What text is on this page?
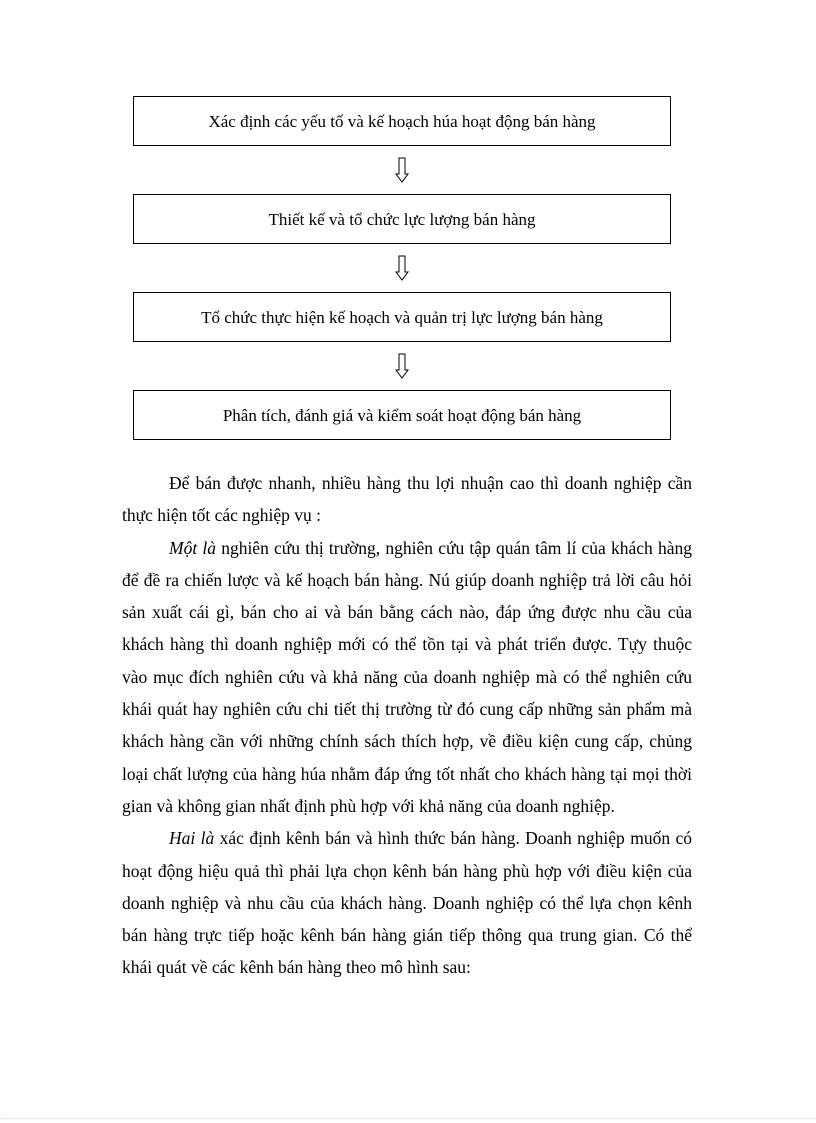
Xác định các yếu tố và kế hoạch húa hoạt động bán hàng
Thiết kế và tổ chức lực lượng bán hàng
Tổ chức thực hiện kế hoạch và quản trị lực lượng bán hàng
Phân tích, đánh giá và kiểm soát hoạt động bán hàng

Để bán được nhanh, nhiều hàng thu lợi nhuận cao thì doanh nghiệp cần thực hiện tốt các nghiệp vụ :

Một là nghiên cứu thị trường, nghiên cứu tập quán tâm lí của khách hàng để đề ra chiến lược và kế hoạch bán hàng. Nú giúp doanh nghiệp trả lời câu hỏi sản xuất cái gì, bán cho ai và bán bằng cách nào, đáp ứng được nhu cầu của khách hàng thì doanh nghiệp mới có thể tồn tại và phát triển được. Tựy thuộc vào mục đích nghiên cứu và khả năng của doanh nghiệp mà có thể nghiên cứu khái quát hay nghiên cứu chi tiết thị trường từ đó cung cấp những sản phẩm mà khách hàng cần với những chính sách thích hợp, về điều kiện cung cấp, chủng loại chất lượng của hàng húa nhằm đáp ứng tốt nhất cho khách hàng tại mọi thời gian và không gian nhất định phù hợp với khả năng của doanh nghiệp.

Hai là xác định kênh bán và hình thức bán hàng. Doanh nghiệp muốn có hoạt động hiệu quả thì phải lựa chọn kênh bán hàng phù hợp với điều kiện của doanh nghiệp và nhu cầu của khách hàng. Doanh nghiệp có thể lựa chọn kênh bán hàng trực tiếp hoặc kênh bán hàng gián tiếp thông qua trung gian. Có thể khái quát về các kênh bán hàng theo mô hình sau:
